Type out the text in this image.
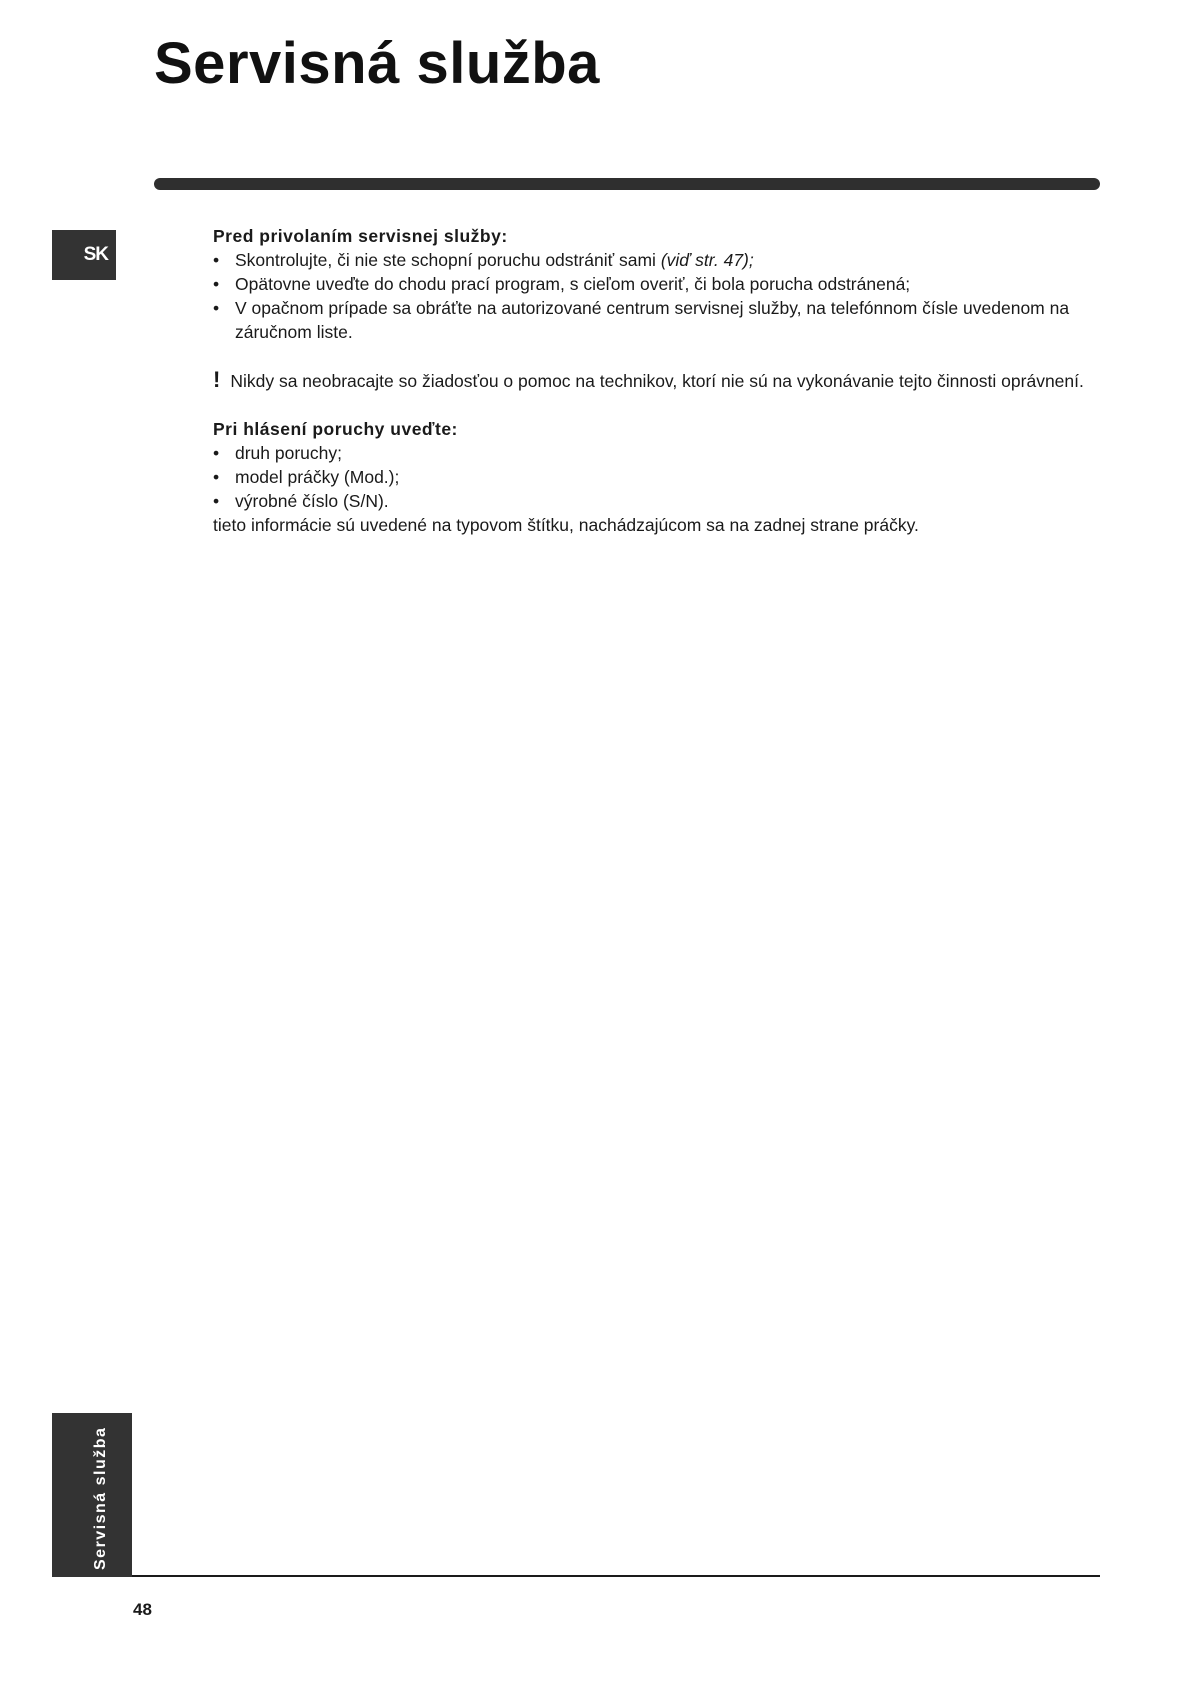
Servisná služba
SK

Pred privolaním servisnej služby:

• Skontrolujte, či nie ste schopní poruchu odstrániť sami (viď str. 47);
• Opätovne uveďte do chodu prací program, s cieľom overiť, či bola porucha odstránená;
• V opačnom prípade sa obráťte na autorizované centrum servisnej služby, na telefónnom čísle uvedenom na záručnom liste.

! Nikdy sa neobracajte so žiadosťou o pomoc na technikov, ktorí nie sú na vykonávanie tejto činnosti oprávnení.

Pri hlásení poruchy uveďte:

• druh poruchy;
• model práčky (Mod.);
• výrobné číslo (S/N).

tieto informácie sú uvedené na typovom štítku, nachádzajúcom sa na zadnej strane práčky.

Servisná služba
48
